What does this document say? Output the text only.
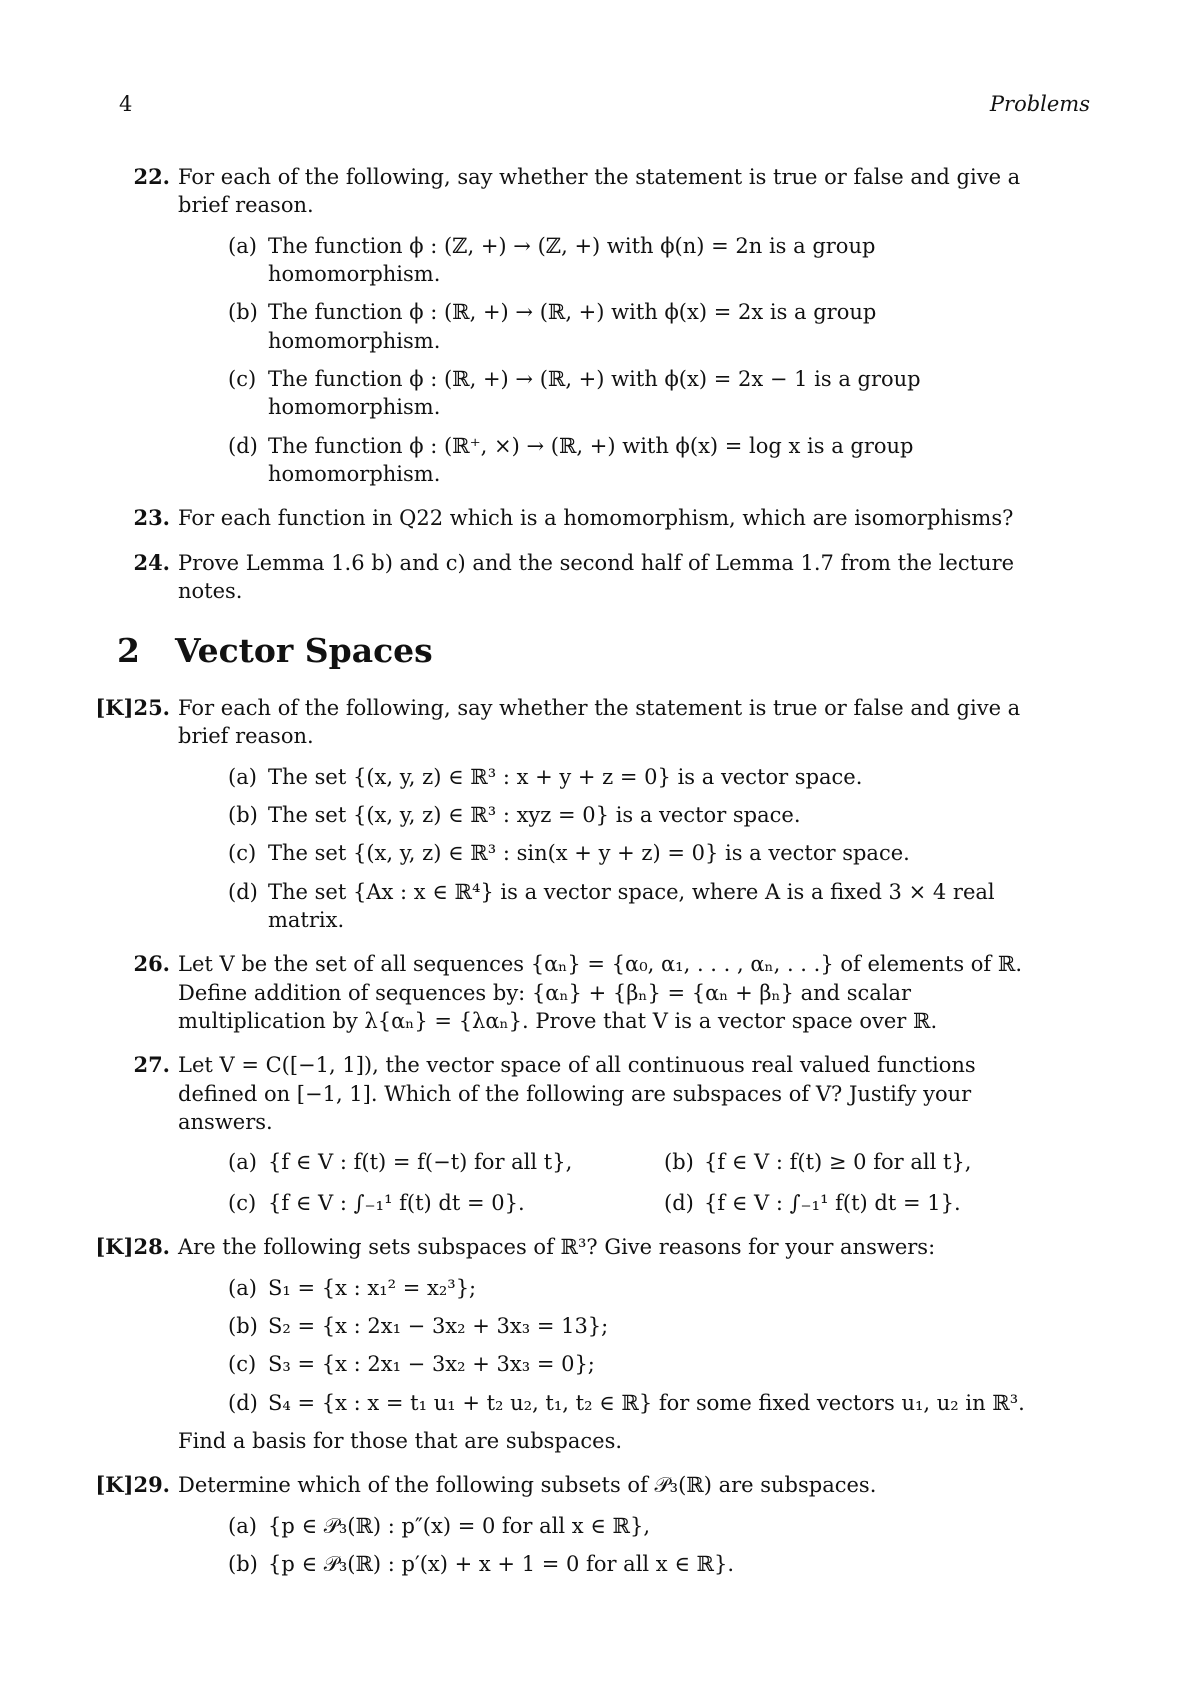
4	Problems
22. For each of the following, say whether the statement is true or false and give a brief reason.
(a) The function ϕ : (ℤ, +) → (ℤ, +) with ϕ(n) = 2n is a group homomorphism.
(b) The function ϕ : (ℝ, +) → (ℝ, +) with ϕ(x) = 2x is a group homomorphism.
(c) The function ϕ : (ℝ, +) → (ℝ, +) with ϕ(x) = 2x − 1 is a group homomorphism.
(d) The function ϕ : (ℝ⁺, ×) → (ℝ, +) with ϕ(x) = log x is a group homomorphism.
23. For each function in Q22 which is a homomorphism, which are isomorphisms?
24. Prove Lemma 1.6 b) and c) and the second half of Lemma 1.7 from the lecture notes.
2 Vector Spaces
[K]25. For each of the following, say whether the statement is true or false and give a brief reason.
(a) The set {(x, y, z) ∈ ℝ³ : x + y + z = 0} is a vector space.
(b) The set {(x, y, z) ∈ ℝ³ : xyz = 0} is a vector space.
(c) The set {(x, y, z) ∈ ℝ³ : sin(x + y + z) = 0} is a vector space.
(d) The set {Ax : x ∈ ℝ⁴} is a vector space, where A is a fixed 3 × 4 real matrix.
26. Let V be the set of all sequences {αₙ} = {α₀, α₁, . . . , αₙ, . . .} of elements of ℝ. Define addition of sequences by: {αₙ} + {βₙ} = {αₙ + βₙ} and scalar multiplication by λ{αₙ} = {λαₙ}. Prove that V is a vector space over ℝ.
27. Let V = C([−1, 1]), the vector space of all continuous real valued functions defined on [−1, 1]. Which of the following are subspaces of V? Justify your answers.
(a) {f ∈ V : f(t) = f(−t) for all t},	(b) {f ∈ V : f(t) ≥ 0 for all t},
(c) {f ∈ V : ∫₋₁¹ f(t) dt = 0}.	(d) {f ∈ V : ∫₋₁¹ f(t) dt = 1}.
[K]28. Are the following sets subspaces of ℝ³? Give reasons for your answers:
(a) S₁ = {x : x₁² = x₂³};
(b) S₂ = {x : 2x₁ − 3x₂ + 3x₃ = 13};
(c) S₃ = {x : 2x₁ − 3x₂ + 3x₃ = 0};
(d) S₄ = {x : x = t₁ u₁ + t₂ u₂, t₁, t₂ ∈ ℝ} for some fixed vectors u₁, u₂ in ℝ³.
Find a basis for those that are subspaces.
[K]29. Determine which of the following subsets of 𝒫₃(ℝ) are subspaces.
(a) {p ∈ 𝒫₃(ℝ) : p″(x) = 0 for all x ∈ ℝ},
(b) {p ∈ 𝒫₃(ℝ) : p′(x) + x + 1 = 0 for all x ∈ ℝ}.
